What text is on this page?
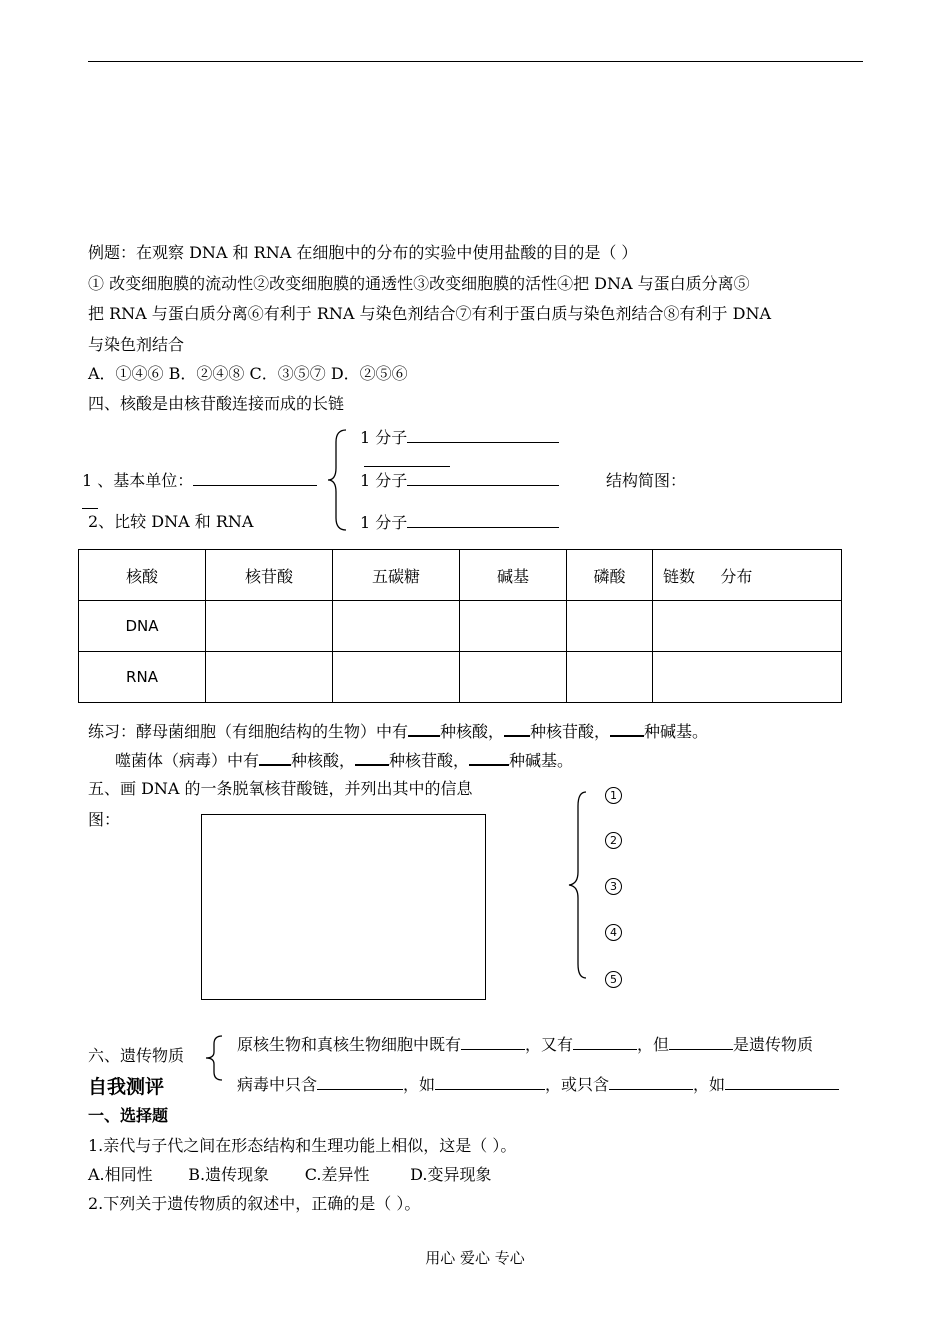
例题：在观察 DNA 和 RNA 在细胞中的分布的实验中使用盐酸的目的是（ ）
① 改变细胞膜的流动性②改变细胞膜的通透性③改变细胞膜的活性④把 DNA 与蛋白质分离⑤
把 RNA 与蛋白质分离⑥有利于 RNA 与染色剂结合⑦有利于蛋白质与染色剂结合⑧有利于 DNA
与染色剂结合
A．①④⑥ B．②④⑧ C．③⑤⑦ D．②⑤⑥
四、核酸是由核苷酸连接而成的长链
1 分子
1 、基本单位：	1 分子	结构简图：
2、比较 DNA 和 RNA	1 分子
核酸	核苷酸	五碳糖	碱基	磷酸	链数     分布
DNA					
RNA					
练习：酵母菌细胞（有细胞结构的生物）中有 种核酸， 种核苷酸， 种碱基。
噬菌体（病毒）中有 种核酸， 种核苷酸，	种碱基。
五、画 DNA 的一条脱氧核苷酸链，并列出其中的信息
图：
1
2
3
4
5
六、遗传物质
原核生物和真核生物细胞中既有	，又有	，但	是遗传物质
病毒中只含	，如	，或只含	，如
自我测评
一、选择题
1.亲代与子代之间在形态结构和生理功能上相似，这是（ ）。
A.相同性       B.遗传现象       C.差异性        D.变异现象
2.下列关于遗传物质的叙述中，正确的是（ ）。
用心 爱心 专心
